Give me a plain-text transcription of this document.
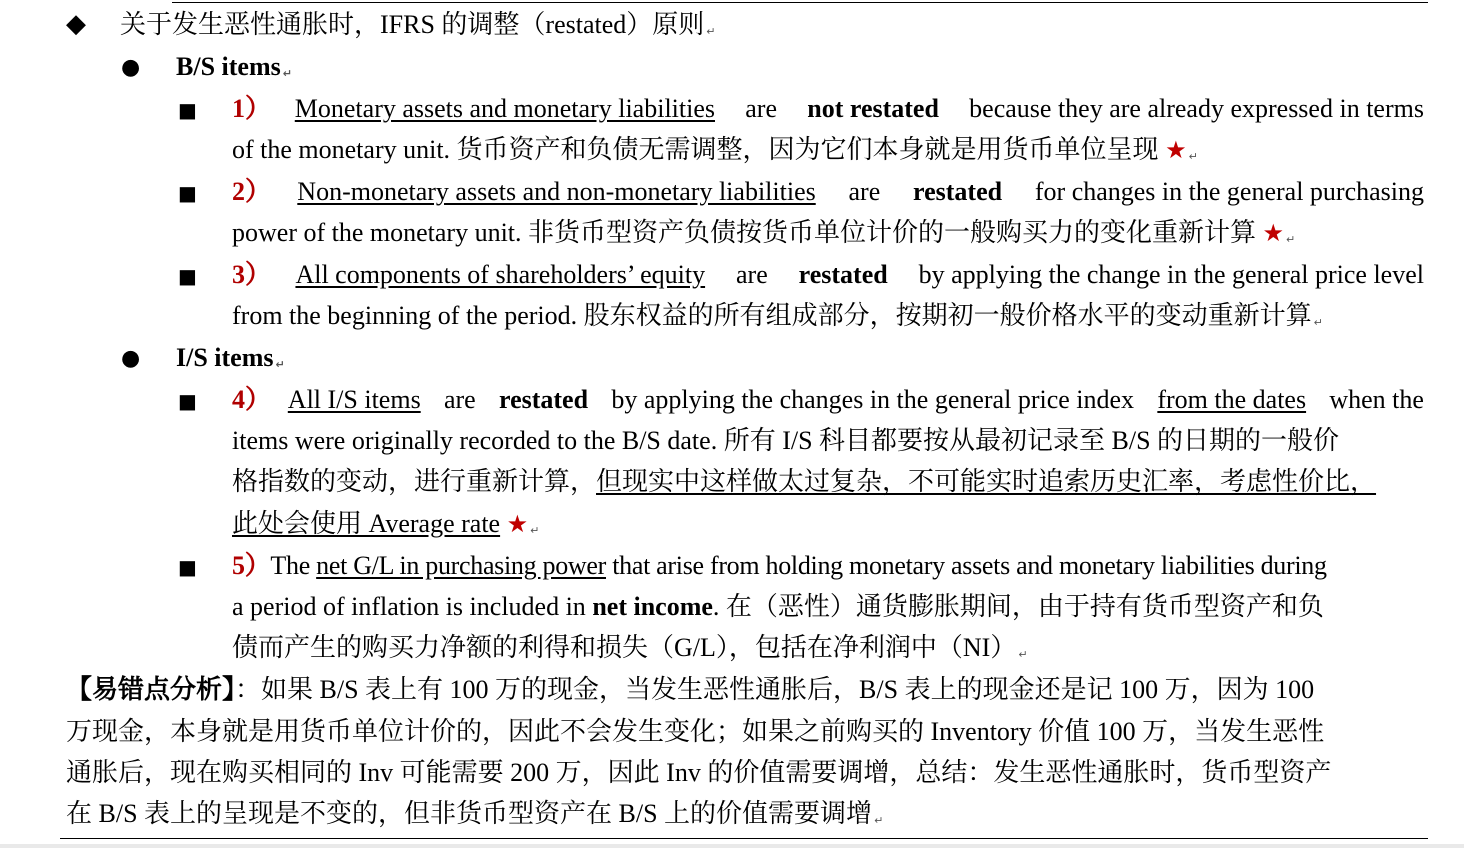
◆ 关于发生恶性通胀时，IFRS 的调整（restated）原则 ↵
● B/S items ↵
■ 1） Monetary assets and monetary liabilities are not restated because they are already expressed in terms
of the monetary unit. 货币资产和负债无需调整，因为它们本身就是用货币单位呈现 ★ ↵
■ 2） Non-monetary assets and non-monetary liabilities are restated for changes in the general purchasing
power of the monetary unit. 非货币型资产负债按货币单位计价的一般购买力的变化重新计算 ★ ↵
■ 3） All components of shareholders’ equity are restated by applying the change in the general price level
from the beginning of the period. 股东权益的所有组成部分，按期初一般价格水平的变动重新计算 ↵
● I/S items ↵
■ 4） All I/S items are restated by applying the changes in the general price index from the dates when the
items were originally recorded to the B/S date. 所有 I/S 科目都要按从最初记录至 B/S 的日期的一般价
格指数的变动，进行重新计算，但现实中这样做太过复杂，不可能实时追索历史汇率，考虑性价比，
此处会使用 Average rate ★ ↵
■ 5）The net G/L in purchasing power that arise from holding monetary assets and monetary liabilities during
a period of inflation is included in net income. 在（恶性）通货膨胀期间，由于持有货币型资产和负
债而产生的购买力净额的利得和损失（G/L），包括在净利润中（NI） ↵
【易错点分析】：如果 B/S 表上有 100 万的现金，当发生恶性通胀后，B/S 表上的现金还是记 100 万，因为 100
万现金，本身就是用货币单位计价的，因此不会发生变化；如果之前购买的 Inventory 价值 100 万，当发生恶性
通胀后，现在购买相同的 Inv 可能需要 200 万，因此 Inv 的价值需要调增，总结：发生恶性通胀时，货币型资产
在 B/S 表上的呈现是不变的，但非货币型资产在 B/S 上的价值需要调增 ↵
